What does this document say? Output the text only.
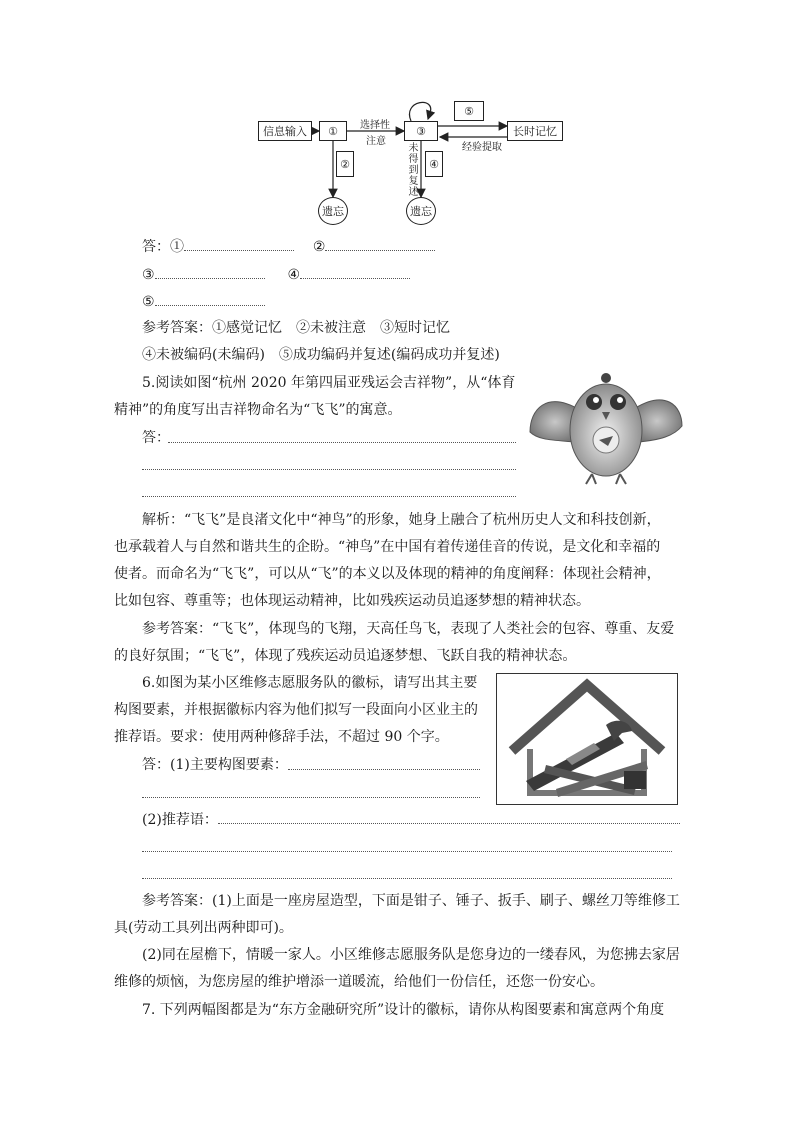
信息输入	①	③	长时记忆
⑤
②	④
遗忘	遗忘
选择性
注意
经验提取
未得到复述
答：①	②
③	④
⑤
参考答案：①感觉记忆　②未被注意　③短时记忆
④未被编码(未编码)　⑤成功编码并复述(编码成功并复述)
5.阅读如图“杭州 2020 年第四届亚残运会吉祥物”，从“体育
精神”的角度写出吉祥物命名为“飞飞”的寓意。
答：
解析：“飞飞”是良渚文化中“神鸟”的形象，她身上融合了杭州历史人文和科技创新，
也承载着人与自然和谐共生的企盼。“神鸟”在中国有着传递佳音的传说，是文化和幸福的
使者。而命名为“飞飞”，可以从“飞”的本义以及体现的精神的角度阐释：体现社会精神，
比如包容、尊重等；也体现运动精神，比如残疾运动员追逐梦想的精神状态。
参考答案：“飞飞”，体现鸟的飞翔，天高任鸟飞，表现了人类社会的包容、尊重、友爱
的良好氛围；“飞飞”，体现了残疾运动员追逐梦想、飞跃自我的精神状态。
6.如图为某小区维修志愿服务队的徽标，请写出其主要
构图要素，并根据徽标内容为他们拟写一段面向小区业主的
推荐语。要求：使用两种修辞手法，不超过 90 个字。
答：(1)主要构图要素：
(2)推荐语：
参考答案：(1)上面是一座房屋造型，下面是钳子、锤子、扳手、刷子、螺丝刀等维修工
具(劳动工具列出两种即可)。
(2)同在屋檐下，情暖一家人。小区维修志愿服务队是您身边的一缕春风，为您拂去家居
维修的烦恼，为您房屋的维护增添一道暖流，给他们一份信任，还您一份安心。
7. 下列两幅图都是为“东方金融研究所”设计的徽标，请你从构图要素和寓意两个角度
